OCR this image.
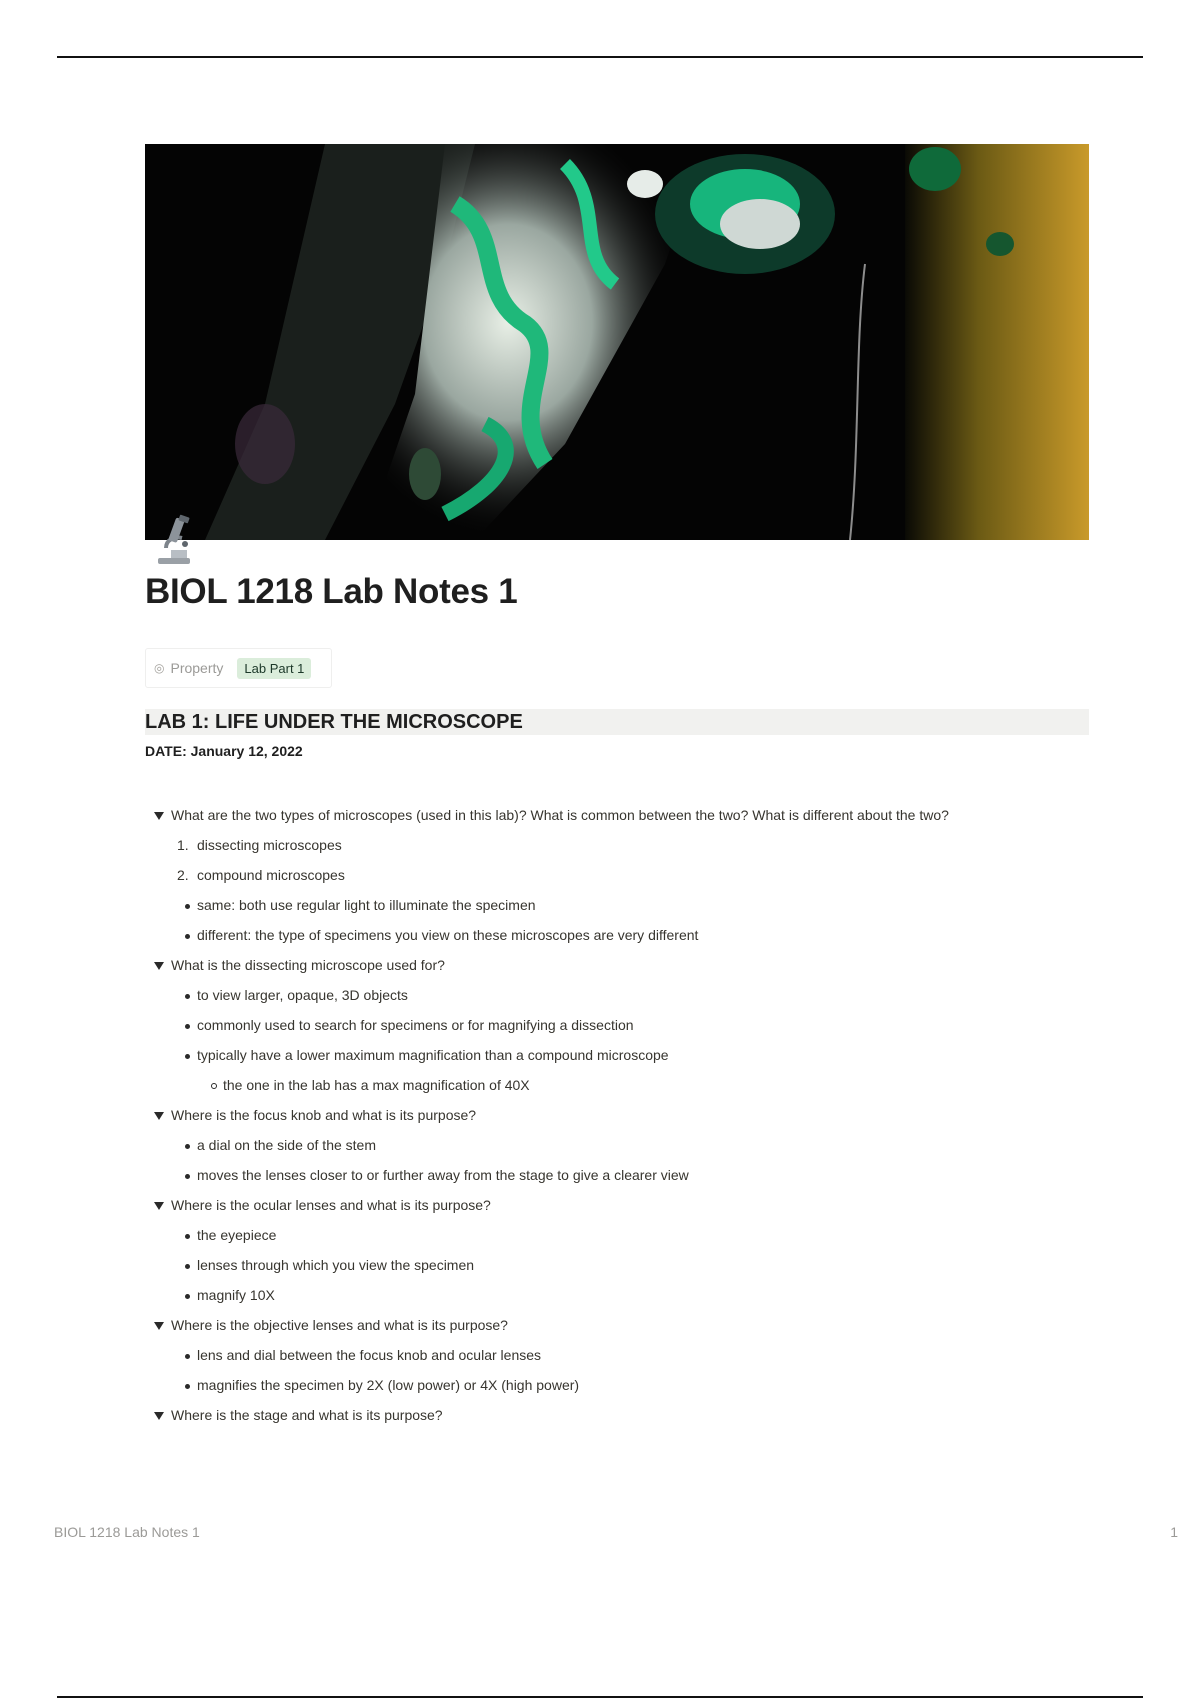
BIOL 1218 Lab Notes 1
◎ Property	Lab Part 1
LAB 1: LIFE UNDER THE MICROSCOPE

DATE: January 12, 2022

What are the two types of microscopes (used in this lab)? What is common between the two? What is different about the two?
1. dissecting microscopes
2. compound microscopes
same: both use regular light to illuminate the specimen
different: the type of specimens you view on these microscopes are very different
What is the dissecting microscope used for?
to view larger, opaque, 3D objects
commonly used to search for specimens or for magnifying a dissection
typically have a lower maximum magnification than a compound microscope
the one in the lab has a max magnification of 40X
Where is the focus knob and what is its purpose?
a dial on the side of the stem
moves the lenses closer to or further away from the stage to give a clearer view
Where is the ocular lenses and what is its purpose?
the eyepiece
lenses through which you view the specimen
magnify 10X
Where is the objective lenses and what is its purpose?
lens and dial between the focus knob and ocular lenses
magnifies the specimen by 2X (low power) or 4X (high power)
Where is the stage and what is its purpose?
BIOL 1218 Lab Notes 1	1
